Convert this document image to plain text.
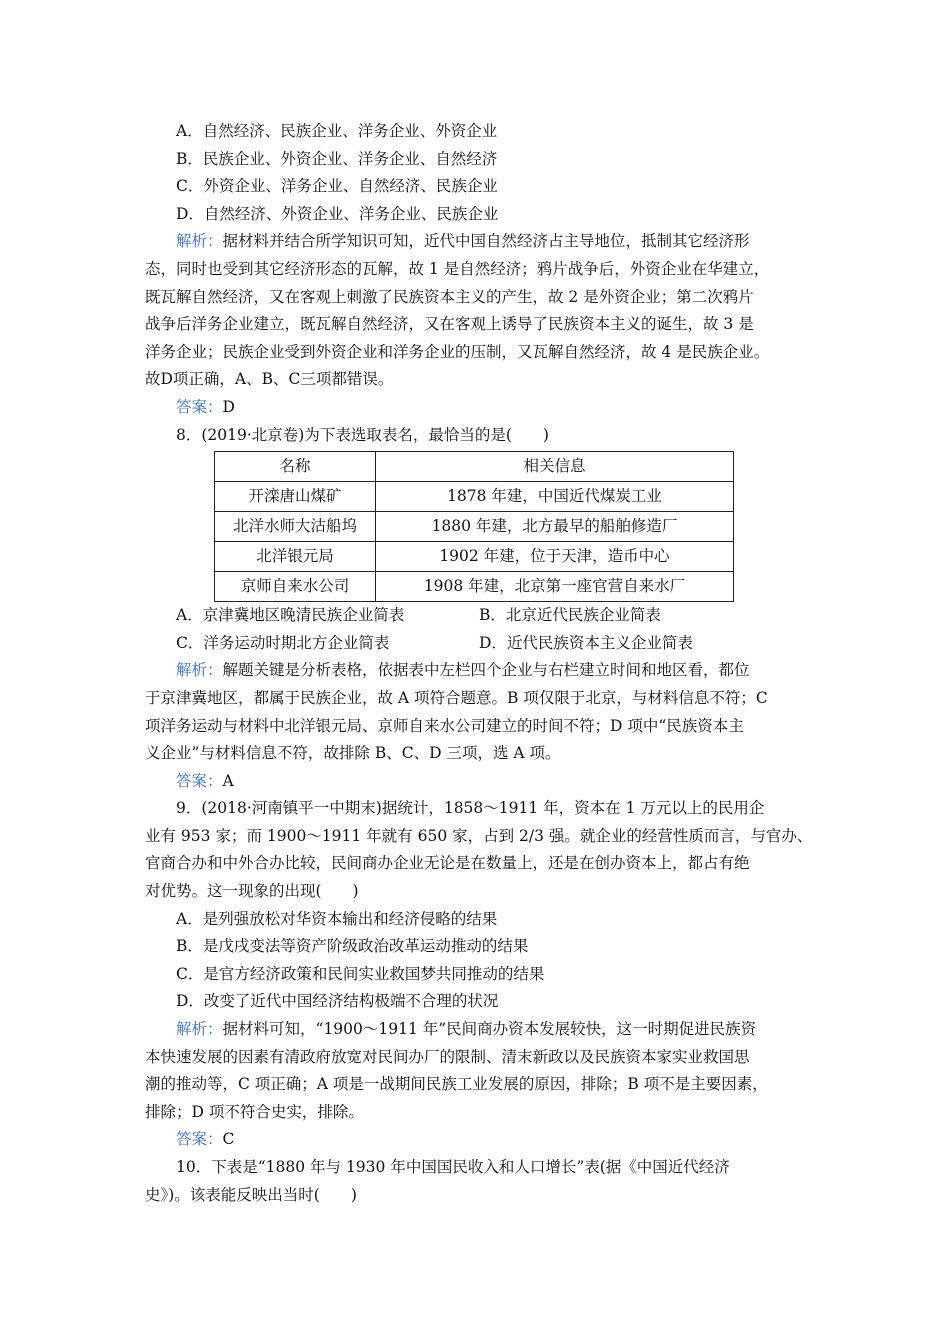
A．自然经济、民族企业、洋务企业、外资企业
B．民族企业、外资企业、洋务企业、自然经济
C．外资企业、洋务企业、自然经济、民族企业
D．自然经济、外资企业、洋务企业、民族企业
解析：据材料并结合所学知识可知，近代中国自然经济占主导地位，抵制其它经济形
态，同时也受到其它经济形态的瓦解，故 1 是自然经济；鸦片战争后，外资企业在华建立，
既瓦解自然经济，又在客观上刺激了民族资本主义的产生，故 2 是外资企业；第二次鸦片
战争后洋务企业建立，既瓦解自然经济，又在客观上诱导了民族资本主义的诞生，故 3 是
洋务企业；民族企业受到外资企业和洋务企业的压制，又瓦解自然经济，故 4 是民族企业。
故D项正确，A、B、C三项都错误。
答案：D
8．(2019·北京卷)为下表选取表名，最恰当的是(　　)
名称	相关信息
开滦唐山煤矿	1878 年建，中国近代煤炭工业
北洋水师大沽船坞	1880 年建，北方最早的船舶修造厂
北洋银元局	1902 年建，位于天津，造币中心
京师自来水公司	1908 年建，北京第一座官营自来水厂
A．京津冀地区晚清民族企业简表	B．北京近代民族企业简表
C．洋务运动时期北方企业简表	D．近代民族资本主义企业简表
解析：解题关键是分析表格，依据表中左栏四个企业与右栏建立时间和地区看，都位
于京津冀地区，都属于民族企业，故 A 项符合题意。B 项仅限于北京，与材料信息不符；C
项洋务运动与材料中北洋银元局、京师自来水公司建立的时间不符；D 项中“民族资本主
义企业”与材料信息不符，故排除 B、C、D 三项，选 A 项。
答案：A
9．(2018·河南镇平一中期末)据统计，1858～1911 年，资本在 1 万元以上的民用企
业有 953 家；而 1900～1911 年就有 650 家，占到 2/3 强。就企业的经营性质而言，与官办、
官商合办和中外合办比较，民间商办企业无论是在数量上，还是在创办资本上，都占有绝
对优势。这一现象的出现(　　)
A．是列强放松对华资本输出和经济侵略的结果
B．是戊戌变法等资产阶级政治改革运动推动的结果
C．是官方经济政策和民间实业救国梦共同推动的结果
D．改变了近代中国经济结构极端不合理的状况
解析：据材料可知，“1900～1911 年”民间商办资本发展较快，这一时期促进民族资
本快速发展的因素有清政府放宽对民间办厂的限制、清末新政以及民族资本家实业救国思
潮的推动等，C 项正确；A 项是一战期间民族工业发展的原因，排除；B 项不是主要因素，
排除；D 项不符合史实，排除。
答案：C
10．下表是“1880 年与 1930 年中国国民收入和人口增长”表(据《中国近代经济
史》)。该表能反映出当时(　　)
